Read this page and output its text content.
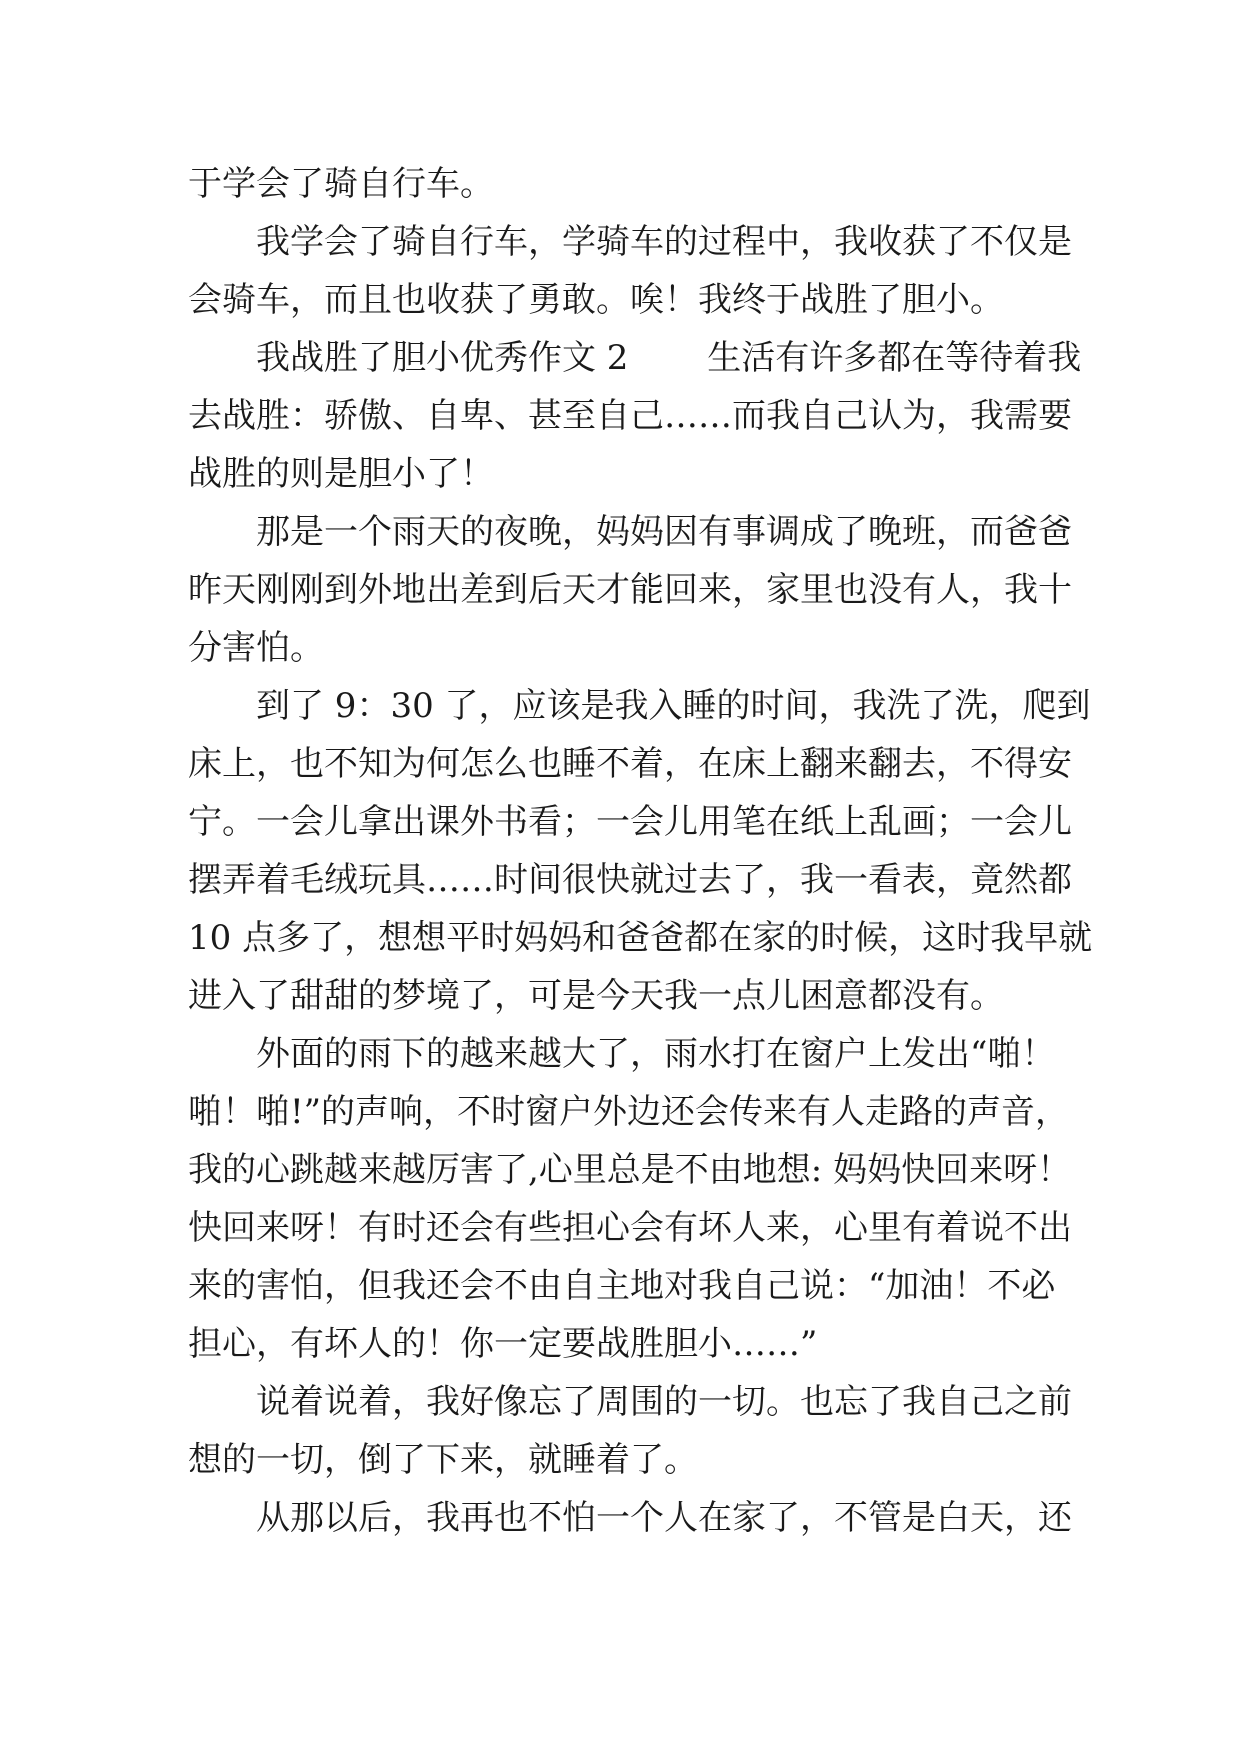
于学会了骑自行车。
　　我学会了骑自行车，学骑车的过程中，我收获了不仅是
会骑车，而且也收获了勇敢。唉！我终于战胜了胆小。
　　我战胜了胆小优秀作文 2　　 生活有许多都在等待着我
去战胜：骄傲、自卑、甚至自己……而我自己认为，我需要
战胜的则是胆小了！
　　那是一个雨天的夜晚，妈妈因有事调成了晚班，而爸爸
昨天刚刚到外地出差到后天才能回来，家里也没有人，我十
分害怕。
　　到了 9：30 了，应该是我入睡的时间，我洗了洗，爬到
床上，也不知为何怎么也睡不着，在床上翻来翻去，不得安
宁。一会儿拿出课外书看；一会儿用笔在纸上乱画；一会儿
摆弄着毛绒玩具……时间很快就过去了，我一看表，竟然都
10 点多了，想想平时妈妈和爸爸都在家的时候，这时我早就
进入了甜甜的梦境了，可是今天我一点儿困意都没有。
　　外面的雨下的越来越大了，雨水打在窗户上发出“啪！
啪！啪!”的声响，不时窗户外边还会传来有人走路的声音，
我的心跳越来越厉害了,心里总是不由地想: 妈妈快回来呀！
快回来呀！有时还会有些担心会有坏人来，心里有着说不出
来的害怕，但我还会不由自主地对我自己说：“加油！不必
担心，有坏人的！你一定要战胜胆小……”
　　说着说着，我好像忘了周围的一切。也忘了我自己之前
想的一切，倒了下来，就睡着了。
　　从那以后，我再也不怕一个人在家了，不管是白天，还
